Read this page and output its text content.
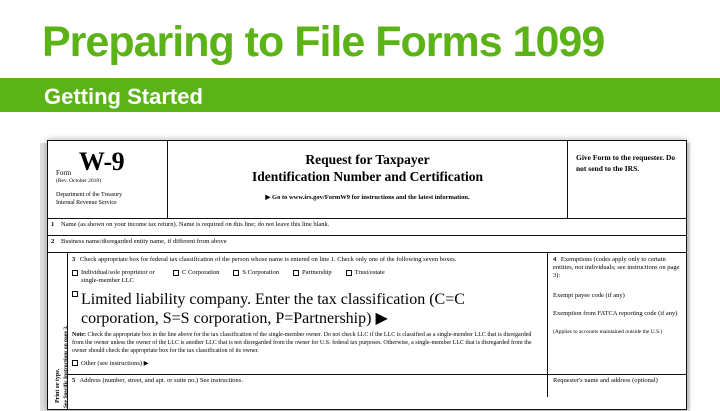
Preparing to File Forms 1099
Getting Started
Form W-9
(Rev. October 2018)
Department of the Treasury
Internal Revenue Service
Request for Taxpayer
Identification Number and Certification
▶ Go to www.irs.gov/FormW9 for instructions and the latest information.
Give Form to the requester. Do not send to the IRS.
1	Name (as shown on your income tax return). Name is required on this line; do not leave this line blank.
2	Business name/disregarded entity name, if different from above
Print or type. See Specific Instructions on page 3.
3 Check appropriate box for federal tax classification of the person whose name is entered on line 1. Check only one of the following seven boxes.
Individual/sole proprietor or single-member LLC
C Corporation	S Corporation	Partnership	Trust/estate
Limited liability company. Enter the tax classification (C=C corporation, S=S corporation, P=Partnership) ▶
Note: Check the appropriate box in the line above for the tax classification of the single-member owner. Do not check LLC if the LLC is classified as a single-member LLC that is disregarded from the owner unless the owner of the LLC is another LLC that is not disregarded from the owner for U.S. federal tax purposes. Otherwise, a single-member LLC that is disregarded from the owner should check the appropriate box for the tax classification of its owner.
Other (see instructions) ▶
4 Exemptions (codes apply only to certain entities, not individuals; see instructions on page 3):
Exempt payee code (if any)
Exemption from FATCA reporting code (if any)
(Applies to accounts maintained outside the U.S.)
5 Address (number, street, and apt. or suite no.) See instructions.	Requester's name and address (optional)
